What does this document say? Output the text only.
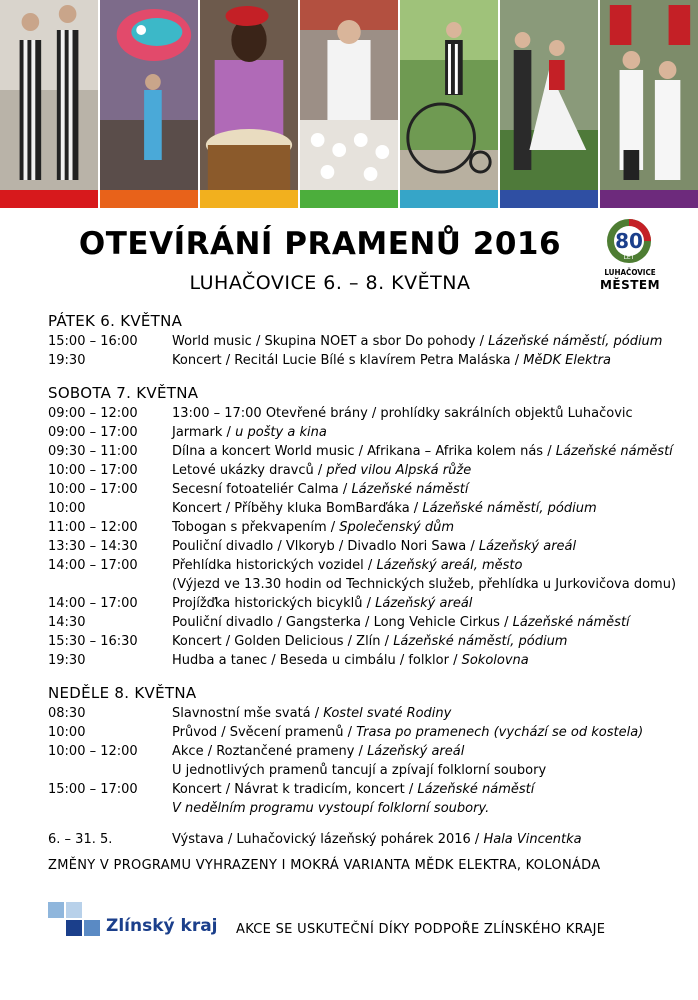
OTEVÍRÁNÍ PRAMENŮ 2016
LUHAČOVICE 6. – 8. KVĚTNA
80
LET
LUHAČOVICE
MĚSTEM
PÁTEK 6. KVĚTNA
15:00 – 16:00	World music / Skupina NOET a sbor Do pohody / Lázeňské náměstí, pódium
19:30	Koncert / Recitál Lucie Bílé s klavírem Petra Maláska / MěDK Elektra
SOBOTA 7. KVĚTNA
09:00 – 12:00	13:00 – 17:00 Otevřené brány / prohlídky sakrálních objektů Luhačovic
09:00 – 17:00	Jarmark / u pošty a kina
09:30 – 11:00	Dílna a koncert World music / Afrikana – Afrika kolem nás / Lázeňské náměstí
10:00 – 17:00	Letové ukázky dravců / před vilou Alpská růže
10:00 – 17:00	Secesní fotoateliér Calma / Lázeňské náměstí
10:00	Koncert / Příběhy kluka BomBarďáka / Lázeňské náměstí, pódium
11:00 – 12:00	Tobogan s překvapením / Společenský dům
13:30 – 14:30	Pouliční divadlo / Vlkoryb / Divadlo Nori Sawa / Lázeňský areál
14:00 – 17:00	Přehlídka historických vozidel / Lázeňský areál, město
(Výjezd ve 13.30 hodin od Technických služeb, přehlídka u Jurkovičova domu)
14:00 – 17:00	Projížďka historických bicyklů / Lázeňský areál
14:30	Pouliční divadlo / Gangsterka / Long Vehicle Cirkus / Lázeňské náměstí
15:30 – 16:30	Koncert / Golden Delicious / Zlín / Lázeňské náměstí, pódium
19:30	Hudba a tanec / Beseda u cimbálu / folklor / Sokolovna
NEDĚLE 8. KVĚTNA
08:30	Slavnostní mše svatá / Kostel svaté Rodiny
10:00	Průvod / Svěcení pramenů / Trasa po pramenech (vychází se od kostela)
10:00 – 12:00	Akce / Roztančené prameny / Lázeňský areál
U jednotlivých pramenů tancují a zpívají folklorní soubory
15:00 – 17:00	Koncert / Návrat k tradicím, koncert / Lázeňské náměstí
V nedělním programu vystoupí folklorní soubory.
6. – 31. 5.	Výstava / Luhačovický lázeňský pohárek 2016 / Hala Vincentka
ZMĚNY V PROGRAMU VYHRAZENY I MOKRÁ VARIANTA MĚDK ELEKTRA, KOLONÁDA
Zlínský kraj AKCE SE USKUTEČNÍ DÍKY PODPOŘE ZLÍNSKÉHO KRAJE
